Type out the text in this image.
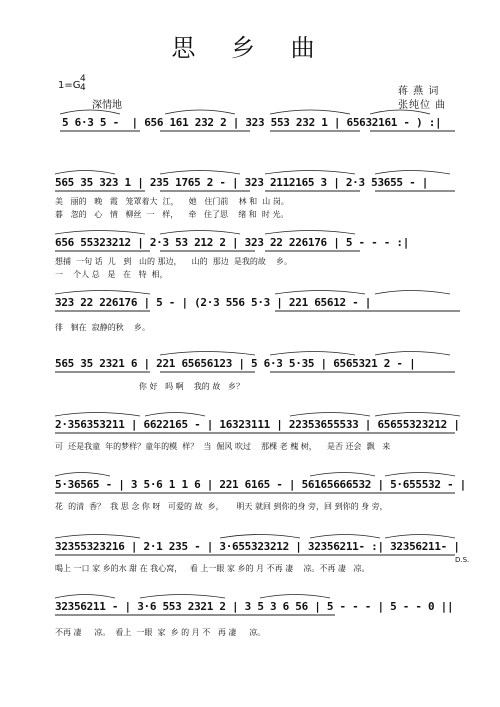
思 乡 曲
1=G
4
4
深情地
蒋 燕 词
张纯位 曲
5 6·3 5 -  | 656 161 232 2 | 323 553 232 1 | 65632161 - ) :|
565 35 323 1 | 235 1765 2 - | 323 2112165 3 | 2·3 53655 - |
美   丽的   晚   霞   笼罩着大  江，    她   住门前    林 和  山 岗。
暮   忽的   心   情   柳丝  一   样，    牵   住了思    绪 和  时 光。
656 55323212 | 2·3 53 212 2 | 323 22 226176 | 5 - - - :|
想捕  一句 话  儿   到   山的 那边，    山的  那边  是我的故    乡。
一    个人 总   是   在   特  相，
323 22 226176 | 5 - | (2·3 556 5·3 | 221 65612 - |
徘   徊在  寂静的秋    乡。
565 35 2321 6 | 221 65656123 | 5 6·3 5·35 | 6565321 2 - |
你 好   吗 啊    我的 故   乡？
2·356353211 | 6622165 - | 16323111 | 22353655533 | 65655323212 |
可  还是我童  年的梦样？童年的模  样？  当  倔风 吹过    那棵 老 槐 树，    是否 还会  飘   来
5·36565 - | 3 5·6 1 1 6 | 221 6165 - | 56165666532 | 5·655532 - |
花  的清  香？  我 思 念 你 呀   可爱的 故  乡，     明天 就回 到你的身 旁，回 到你的 身 旁，
32355323216 | 2·1 235 - | 3·655323212 | 32356211- :| 32356211- |
喝上 一口 家 乡的水 甜 在 我心窝，   看 上一眼 家 乡的 月 不再 凄    凉。不再 凄   凉。
D.S.
32356211 - | 3·6 553 2321 2 | 3 5 3 6 56 | 5 - - - | 5 - - 0 ||
不再 凄     凉。  看上  一眼  家  乡 的 月 不   再 凄     凉。
